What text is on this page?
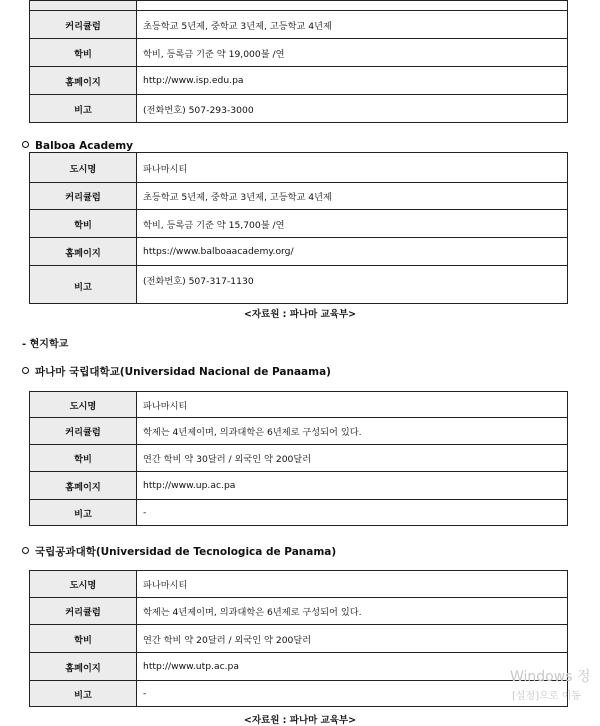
커리큘럼	초등학교 5년제, 중학교 3년제, 고등학교 4년제
학비	학비, 등록금 기준 약 19,000불 /연
홈페이지	http://www.isp.edu.pa
비고	(전화번호) 507-293-3000
Balboa Academy
도시명	파나마시티
커리큘럼	초등학교 5년제, 중학교 3년제, 고등학교 4년제
학비	학비, 등록금 기준 약 15,700불 /연
홈페이지	https://www.balboaacademy.org/
비고	(전화번호) 507-317-1130
<자료원 : 파나마 교육부>
- 현지학교
파나마 국립대학교(Universidad Nacional de Panaama)
도시명	파나마시티
커리큘럼	학제는 4년제이며, 의과대학은 6년제로 구성되어 있다.
학비	연간 학비 약 30달러 / 외국인 약 200달러
홈페이지	http://www.up.ac.pa
비고	-
국립공과대학(Universidad de Tecnologica de Panama)
도시명	파나마시티
커리큘럼	학제는 4년제이며, 의과대학은 6년제로 구성되어 있다.
학비	연간 학비 약 20달러 / 외국인 약 200달러
홈페이지	http://www.utp.ac.pa
비고	-
<자료원 : 파나마 교육부>
Windows 정
[설정]으로 이동
